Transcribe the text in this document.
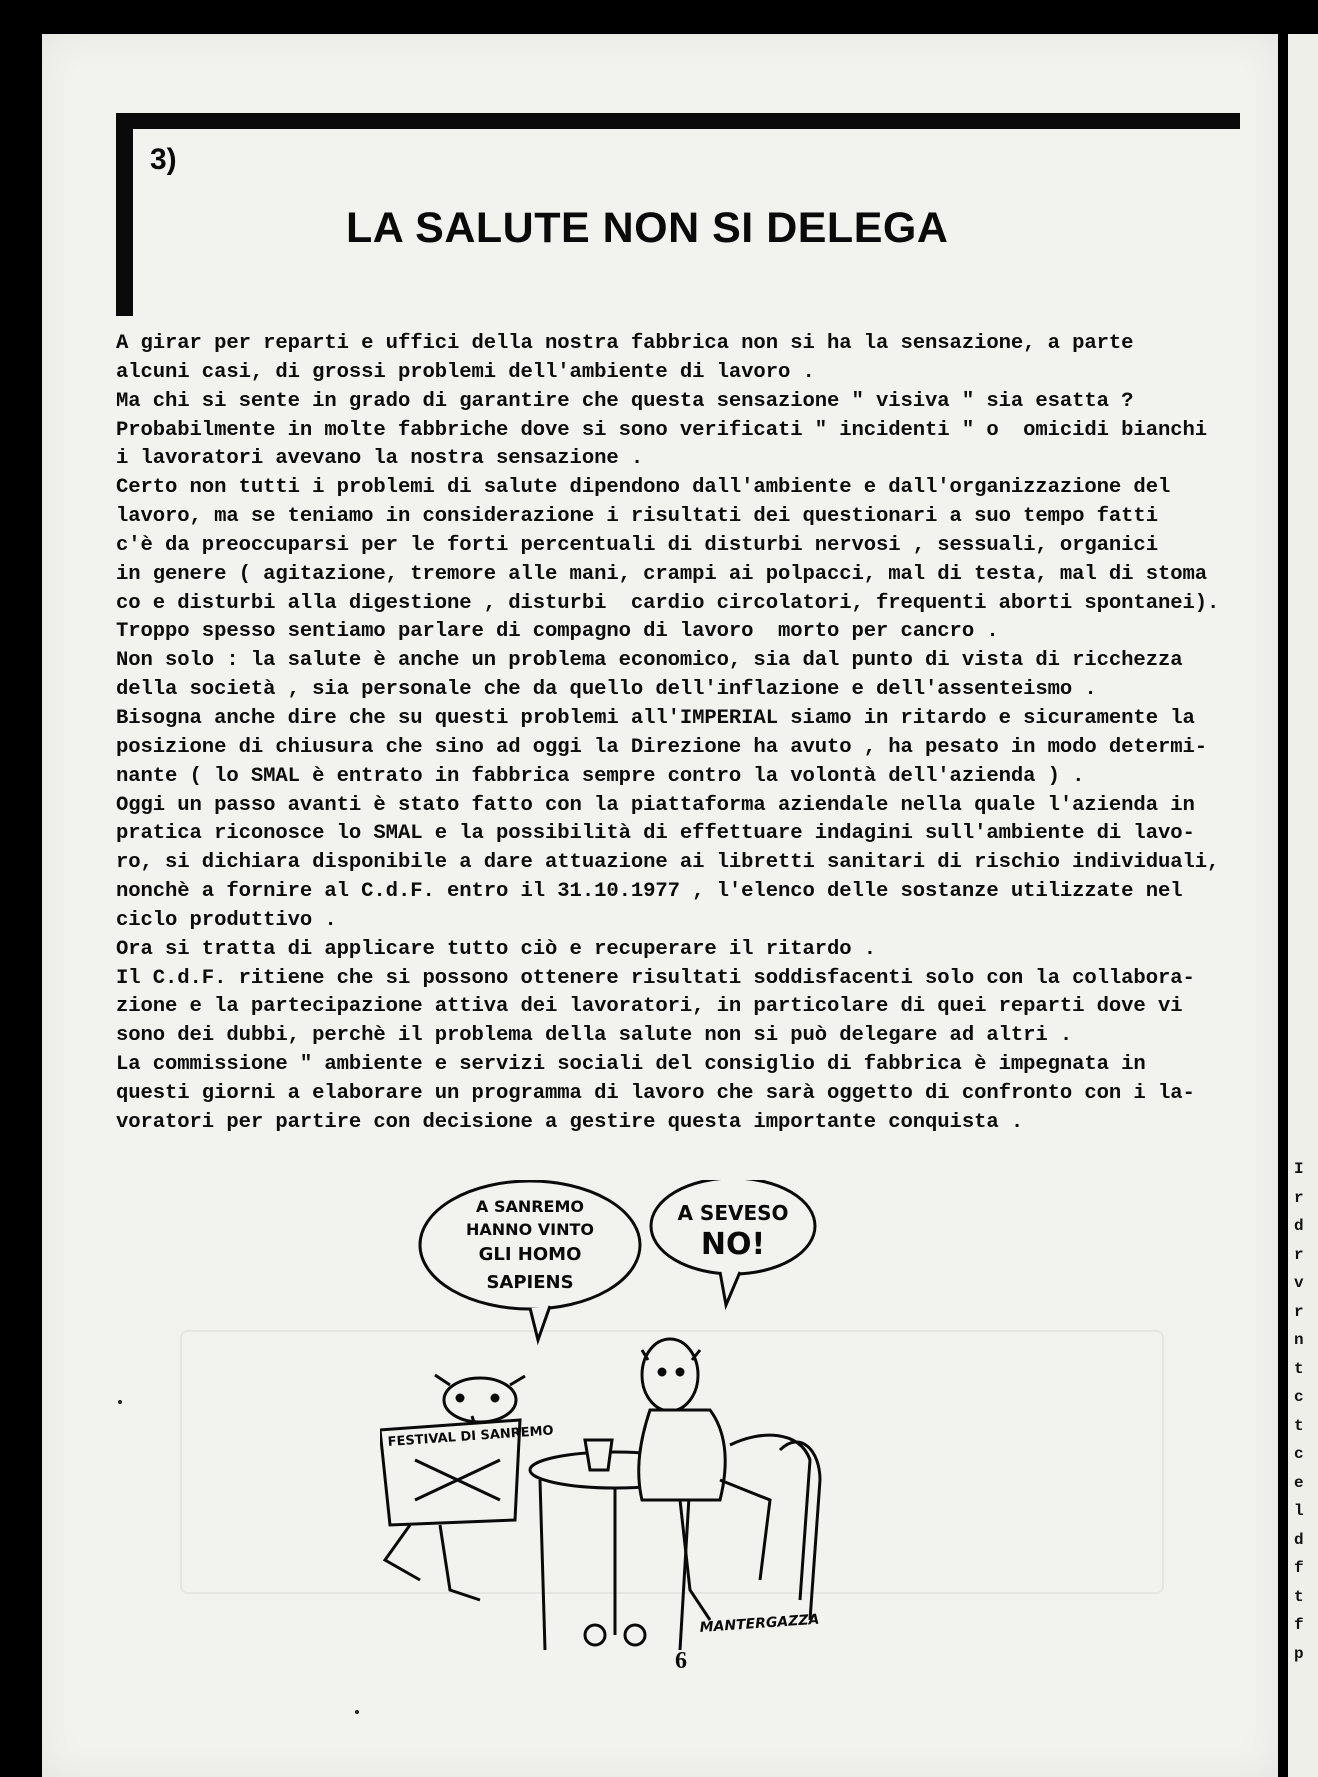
I
r
d
r
v
r
n
t
c
t
c
e
l
d
f
t
f
p
3)
LA SALUTE NON SI DELEGA
A girar per reparti e uffici della nostra fabbrica non si ha la sensazione, a parte
alcuni casi, di grossi problemi dell'ambiente di lavoro .
Ma chi si sente in grado di garantire che questa sensazione " visiva " sia esatta ?
Probabilmente in molte fabbriche dove si sono verificati " incidenti " o  omicidi bianchi
i lavoratori avevano la nostra sensazione .
Certo non tutti i problemi di salute dipendono dall'ambiente e dall'organizzazione del
lavoro, ma se teniamo in considerazione i risultati dei questionari a suo tempo fatti
c'è da preoccuparsi per le forti percentuali di disturbi nervosi , sessuali, organici
in genere ( agitazione, tremore alle mani, crampi ai polpacci, mal di testa, mal di stoma
co e disturbi alla digestione , disturbi  cardio circolatori, frequenti aborti spontanei).
Troppo spesso sentiamo parlare di compagno di lavoro  morto per cancro .
Non solo : la salute è anche un problema economico, sia dal punto di vista di ricchezza
della società , sia personale che da quello dell'inflazione e dell'assenteismo .
Bisogna anche dire che su questi problemi all'IMPERIAL siamo in ritardo e sicuramente la
posizione di chiusura che sino ad oggi la Direzione ha avuto , ha pesato in modo determi-
nante ( lo SMAL è entrato in fabbrica sempre contro la volontà dell'azienda ) .
Oggi un passo avanti è stato fatto con la piattaforma aziendale nella quale l'azienda in
pratica riconosce lo SMAL e la possibilità di effettuare indagini sull'ambiente di lavo-
ro, si dichiara disponibile a dare attuazione ai libretti sanitari di rischio individuali,
nonchè a fornire al C.d.F. entro il 31.10.1977 , l'elenco delle sostanze utilizzate nel
ciclo produttivo .
Ora si tratta di applicare tutto ciò e recuperare il ritardo .
Il C.d.F. ritiene che si possono ottenere risultati soddisfacenti solo con la collabora-
zione e la partecipazione attiva dei lavoratori, in particolare di quei reparti dove vi
sono dei dubbi, perchè il problema della salute non si può delegare ad altri .
La commissione " ambiente e servizi sociali del consiglio di fabbrica è impegnata in
questi giorni a elaborare un programma di lavoro che sarà oggetto di confronto con i la-
voratori per partire con decisione a gestire questa importante conquista .
A SANREMO
HANNO VINTO
GLI HOMO
SAPIENS
A SEVESO
NO!
FESTIVAL DI SANREMO
MANTERGAZZA
6
